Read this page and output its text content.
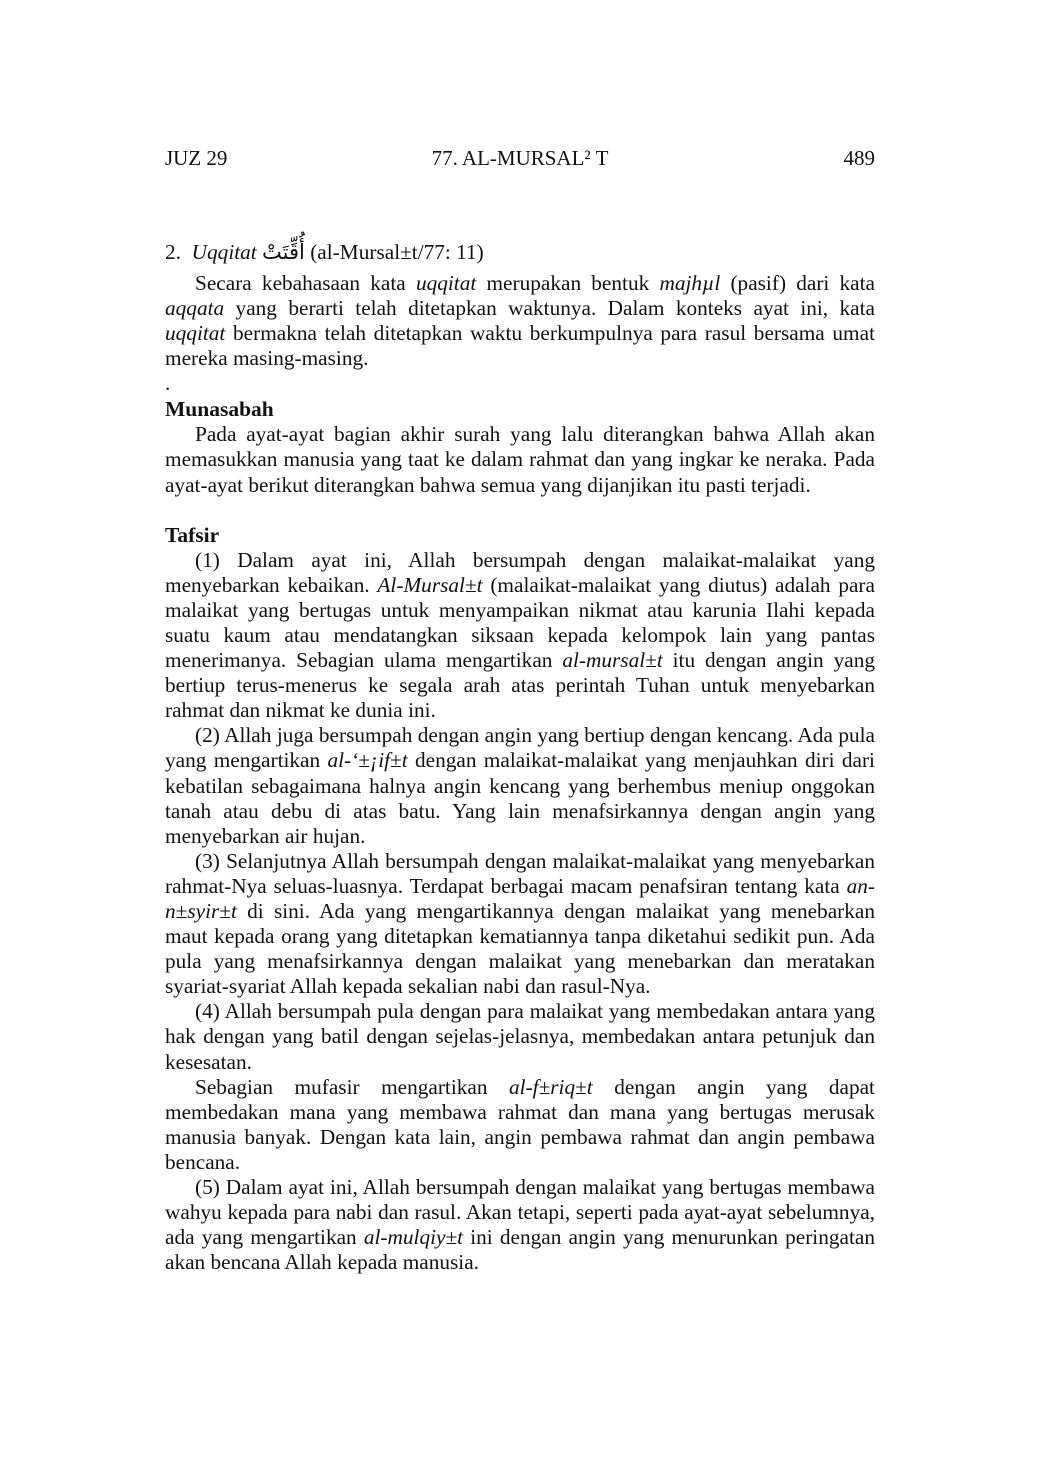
JUZ 29	77. AL-MURSAL² T	489
2. Uqqitat أُقِّتَتْ (al-Mursal±t/77: 11)

Secara kebahasaan kata uqqitat merupakan bentuk majhµl (pasif) dari kata aqqata yang berarti telah ditetapkan waktunya. Dalam konteks ayat ini, kata uqqitat bermakna telah ditetapkan waktu berkumpulnya para rasul bersama umat mereka masing-masing.

.
Munasabah

Pada ayat-ayat bagian akhir surah yang lalu diterangkan bahwa Allah akan memasukkan manusia yang taat ke dalam rahmat dan yang ingkar ke neraka. Pada ayat-ayat berikut diterangkan bahwa semua yang dijanjikan itu pasti terjadi.

Tafsir

(1) Dalam ayat ini, Allah bersumpah dengan malaikat-malaikat yang menyebarkan kebaikan. Al-Mursal±t (malaikat-malaikat yang diutus) adalah para malaikat yang bertugas untuk menyampaikan nikmat atau karunia Ilahi kepada suatu kaum atau mendatangkan siksaan kepada kelompok lain yang pantas menerimanya. Sebagian ulama mengartikan al-mursal±t itu dengan angin yang bertiup terus-menerus ke segala arah atas perintah Tuhan untuk menyebarkan rahmat dan nikmat ke dunia ini.

(2) Allah juga bersumpah dengan angin yang bertiup dengan kencang. Ada pula yang mengartikan al-‘±¡if±t dengan malaikat-malaikat yang menjauhkan diri dari kebatilan sebagaimana halnya angin kencang yang berhembus meniup onggokan tanah atau debu di atas batu. Yang lain menafsirkannya dengan angin yang menyebarkan air hujan.

(3) Selanjutnya Allah bersumpah dengan malaikat-malaikat yang menyebarkan rahmat-Nya seluas-luasnya. Terdapat berbagai macam penafsiran tentang kata an-n±syir±t di sini. Ada yang mengartikannya dengan malaikat yang menebarkan maut kepada orang yang ditetapkan kematiannya tanpa diketahui sedikit pun. Ada pula yang menafsirkannya dengan malaikat yang menebarkan dan meratakan syariat-syariat Allah kepada sekalian nabi dan rasul-Nya.

(4) Allah bersumpah pula dengan para malaikat yang membedakan antara yang hak dengan yang batil dengan sejelas-jelasnya, membedakan antara petunjuk dan kesesatan.

Sebagian mufasir mengartikan al-f±riq±t dengan angin yang dapat membedakan mana yang membawa rahmat dan mana yang bertugas merusak manusia banyak. Dengan kata lain, angin pembawa rahmat dan angin pembawa bencana.

(5) Dalam ayat ini, Allah bersumpah dengan malaikat yang bertugas membawa wahyu kepada para nabi dan rasul. Akan tetapi, seperti pada ayat-ayat sebelumnya, ada yang mengartikan al-mulqiy±t ini dengan angin yang menurunkan peringatan akan bencana Allah kepada manusia.
